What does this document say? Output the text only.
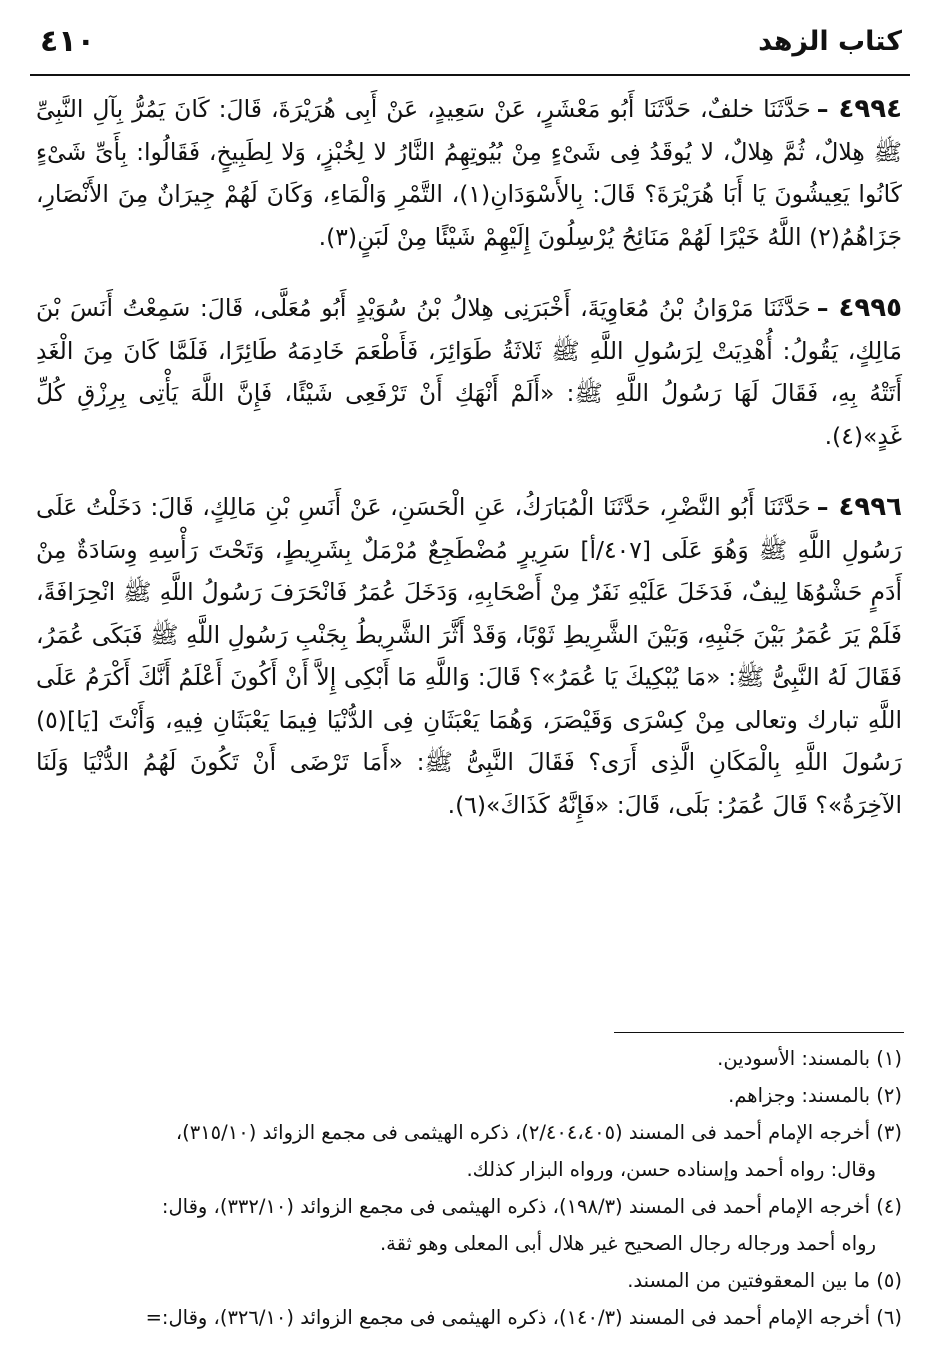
كتاب الزهد
٤١٠

٤٩٩٤–حَدَّثَنَا خلفٌ، حَدَّثَنَا أَبُو مَعْشَرٍ، عَنْ سَعِيدٍ، عَنْ أَبِى هُرَيْرَةَ، قَالَ: كَانَ يَمُرُّ بِآلِ النَّبِىِّ ﷺ هِلالٌ، ثُمَّ هِلالٌ، لا يُوقَدُ فِى شَىْءٍ مِنْ بُيُوتِهِمُ النَّارُ لا لِخُبْزٍ، وَلا لِطَبِيخٍ، فَقَالُوا: بِأَىِّ شَىْءٍ كَانُوا يَعِيشُونَ يَا أَبَا هُرَيْرَةَ؟ قَالَ: بِالأَسْوَدَانِ(١)، التَّمْرِ وَالْمَاءِ، وَكَانَ لَهُمْ جِيرَانٌ مِنَ الأَنْصَارِ، جَزَاهُمُ(٢) اللَّهُ خَيْرًا لَهُمْ مَنَائِحُ يُرْسِلُونَ إِلَيْهِمْ شَيْئًا مِنْ لَبَنٍ(٣).

٤٩٩٥–حَدَّثَنَا مَرْوَانُ بْنُ مُعَاوِيَةَ، أَخْبَرَنِى هِلالُ بْنُ سُوَيْدٍ أَبُو مُعَلَّى، قَالَ: سَمِعْتُ أَنَسَ بْنَ مَالِكٍ، يَقُولُ: أُهْدِيَتْ لِرَسُولِ اللَّهِ ﷺ ثَلاثَةُ طَوَائِرَ، فَأَطْعَمَ خَادِمَهُ طَائِرًا، فَلَمَّا كَانَ مِنَ الْغَدِ أَتَتْهُ بِهِ، فَقَالَ لَهَا رَسُولُ اللَّهِ ﷺ: «أَلَمْ أَنْهَكِ أَنْ تَرْفَعِى شَيْئًا، فَإِنَّ اللَّهَ يَأْتِى بِرِزْقِ كُلِّ غَدٍ»(٤).

٤٩٩٦–حَدَّثَنَا أَبُو النَّضْرِ، حَدَّثَنَا الْمُبَارَكُ، عَنِ الْحَسَنِ، عَنْ أَنَسِ بْنِ مَالِكٍ، قَالَ: دَخَلْتُ عَلَى رَسُولِ اللَّهِ ﷺ وَهُوَ عَلَى [٤٠٧/أ] سَرِيرٍ مُضْطَجِعٌ مُرْمَلٌ بِشَرِيطٍ، وَتَحْتَ رَأْسِهِ وِسَادَةٌ مِنْ أَدَمٍ حَشْوُهَا لِيفٌ، فَدَخَلَ عَلَيْهِ نَفَرٌ مِنْ أَصْحَابِهِ، وَدَخَلَ عُمَرُ فَانْحَرَفَ رَسُولُ اللَّهِ ﷺ انْحِرَافَةً، فَلَمْ يَرَ عُمَرُ بَيْنَ جَنْبِهِ، وَبَيْنَ الشَّرِيطِ ثَوْبًا، وَقَدْ أَثَّرَ الشَّرِيطُ بِجَنْبِ رَسُولِ اللَّهِ ﷺ فَبَكَى عُمَرُ، فَقَالَ لَهُ النَّبِىُّ ﷺ: «مَا يُبْكِيكَ يَا عُمَرُ»؟ قَالَ: وَاللَّهِ مَا أَبْكِى إِلاَّ أَنْ أَكُونَ أَعْلَمُ أَنَّكَ أَكْرَمُ عَلَى اللَّهِ تبارك وتعالى مِنْ كِسْرَى وَقَيْصَرَ، وَهُمَا يَعْبَثَانِ فِى الدُّنْيَا فِيمَا يَعْبَثَانِ فِيهِ، وَأَنْتَ [يَا](٥) رَسُولَ اللَّهِ بِالْمَكَانِ الَّذِى أَرَى؟ فَقَالَ النَّبِىُّ ﷺ: «أَمَا تَرْضَى أَنْ تَكُونَ لَهُمُ الدُّنْيَا وَلَنَا الآخِرَةُ»؟ قَالَ عُمَرُ: بَلَى، قَالَ: «فَإِنَّهُ كَذَاكَ»(٦).

(١) بالمسند: الأسودين.

(٢) بالمسند: وجزاهم.

(٣) أخرجه الإمام أحمد فى المسند (٢/٤٠٤،٤٠٥)، ذكره الهيثمى فى مجمع الزوائد (٣١٥/١٠)،
وقال: رواه أحمد وإسناده حسن، ورواه البزار كذلك.

(٤) أخرجه الإمام أحمد فى المسند (١٩٨/٣)، ذكره الهيثمى فى مجمع الزوائد (٣٣٢/١٠)، وقال:
رواه أحمد ورجاله رجال الصحيح غير هلال أبى المعلى وهو ثقة.

(٥) ما بين المعقوفتين من المسند.

(٦) أخرجه الإمام أحمد فى المسند (١٤٠/٣)، ذكره الهيثمى فى مجمع الزوائد (٣٢٦/١٠)، وقال:=
